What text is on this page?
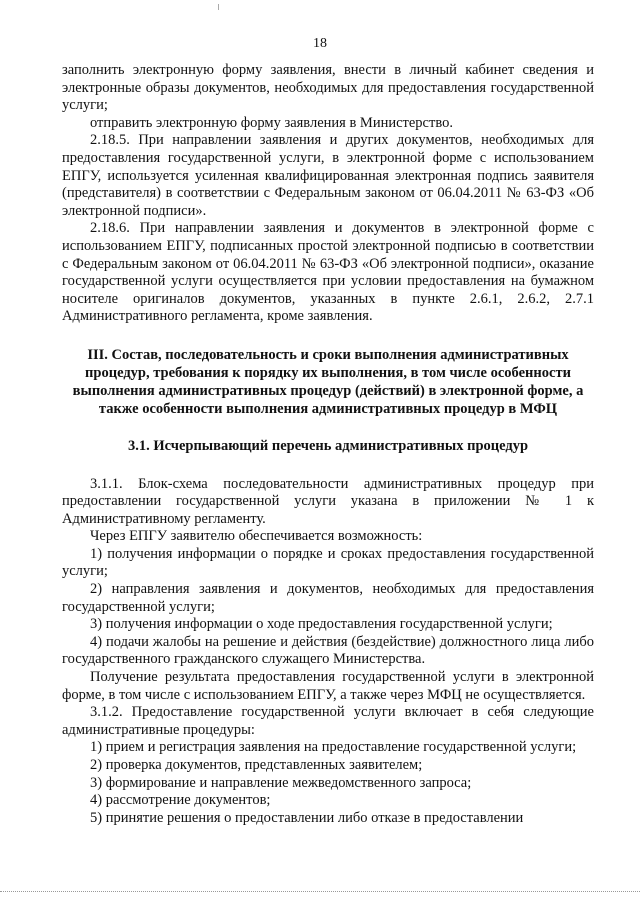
18

заполнить электронную форму заявления, внести в личный кабинет сведения и электронные образы документов, необходимых для предоставления государственной услуги;

отправить электронную форму заявления в Министерство.

2.18.5. При направлении заявления и других документов, необходимых для предоставления государственной услуги, в электронной форме с использованием ЕПГУ, используется усиленная квалифицированная электронная подпись заявителя (представителя) в соответствии с Федеральным законом от 06.04.2011 № 63-ФЗ «Об электронной подписи».

2.18.6. При направлении заявления и документов в электронной форме с использованием ЕПГУ, подписанных простой электронной подписью в соответствии с Федеральным законом от 06.04.2011 № 63-ФЗ «Об электронной подписи», оказание государственной услуги осуществляется при условии предоставления на бумажном носителе оригиналов документов, указанных в пункте 2.6.1, 2.6.2, 2.7.1 Административного регламента, кроме заявления.

III. Состав, последовательность и сроки выполнения административных процедур, требования к порядку их выполнения, в том числе особенности выполнения административных процедур (действий) в электронной форме, а также особенности выполнения административных процедур в МФЦ

3.1. Исчерпывающий перечень административных процедур

3.1.1. Блок-схема последовательности административных процедур при предоставлении государственной услуги указана в приложении № 1 к Административному регламенту.

Через ЕПГУ заявителю обеспечивается возможность:

1) получения информации о порядке и сроках предоставления государственной услуги;

2) направления заявления и документов, необходимых для предоставления государственной услуги;

3) получения информации о ходе предоставления государственной услуги;

4) подачи жалобы на решение и действия (бездействие) должностного лица либо государственного гражданского служащего Министерства.

Получение результата предоставления государственной услуги в электронной форме, в том числе с использованием ЕПГУ, а также через МФЦ не осуществляется.

3.1.2. Предоставление государственной услуги включает в себя следующие административные процедуры:

1) прием и регистрация заявления на предоставление государственной услуги;

2) проверка документов, представленных заявителем;

3) формирование и направление межведомственного запроса;

4) рассмотрение документов;

5) принятие решения о предоставлении либо отказе в предоставлении
